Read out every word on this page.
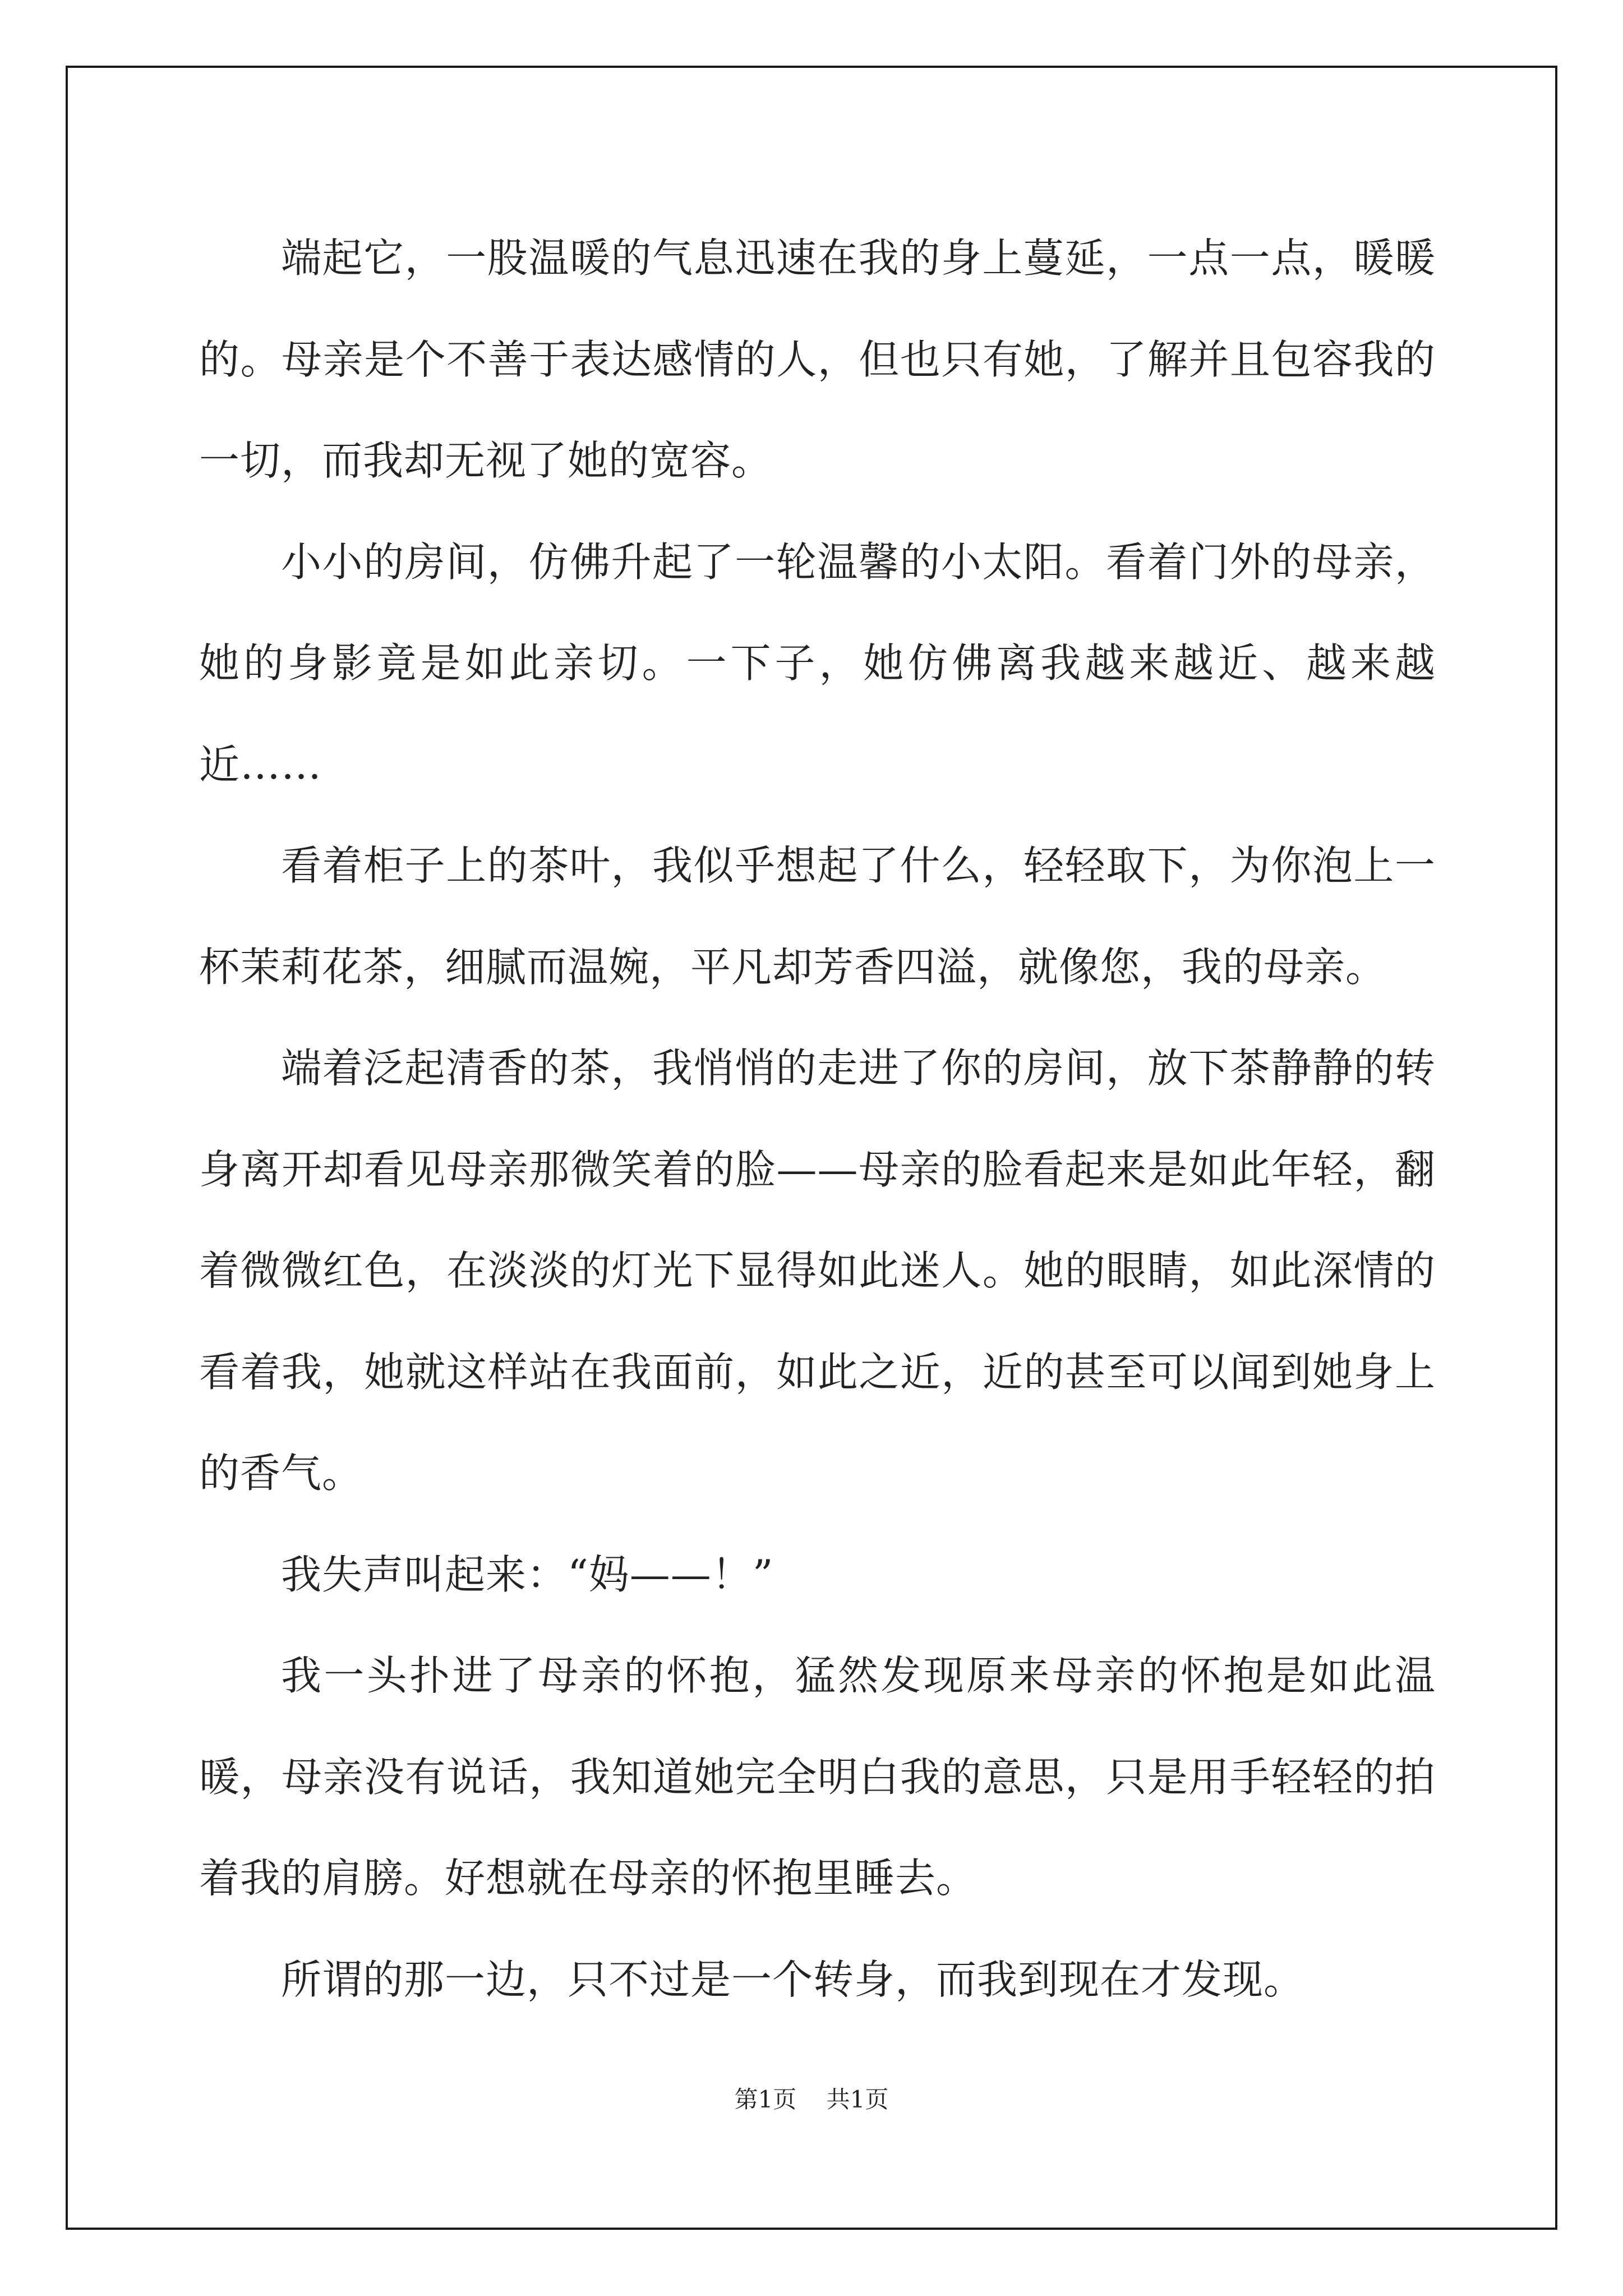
端起它，一股温暖的气息迅速在我的身上蔓延，一点一点，暖暖的。母亲是个不善于表达感情的人，但也只有她，了解并且包容我的一切，而我却无视了她的宽容。

小小的房间，仿佛升起了一轮温馨的小太阳。看着门外的母亲，她的身影竟是如此亲切。一下子，她仿佛离我越来越近、越来越近……

看着柜子上的茶叶，我似乎想起了什么，轻轻取下，为你泡上一杯茉莉花茶，细腻而温婉，平凡却芳香四溢，就像您，我的母亲。

端着泛起清香的茶，我悄悄的走进了你的房间，放下茶静静的转身离开却看见母亲那微笑着的脸——母亲的脸看起来是如此年轻，翻着微微红色，在淡淡的灯光下显得如此迷人。她的眼睛，如此深情的看着我，她就这样站在我面前，如此之近，近的甚至可以闻到她身上的香气。

我失声叫起来：“妈——！”

我一头扑进了母亲的怀抱，猛然发现原来母亲的怀抱是如此温暖，母亲没有说话，我知道她完全明白我的意思，只是用手轻轻的拍着我的肩膀。好想就在母亲的怀抱里睡去。

所谓的那一边，只不过是一个转身，而我到现在才发现。

第1页 共1页
